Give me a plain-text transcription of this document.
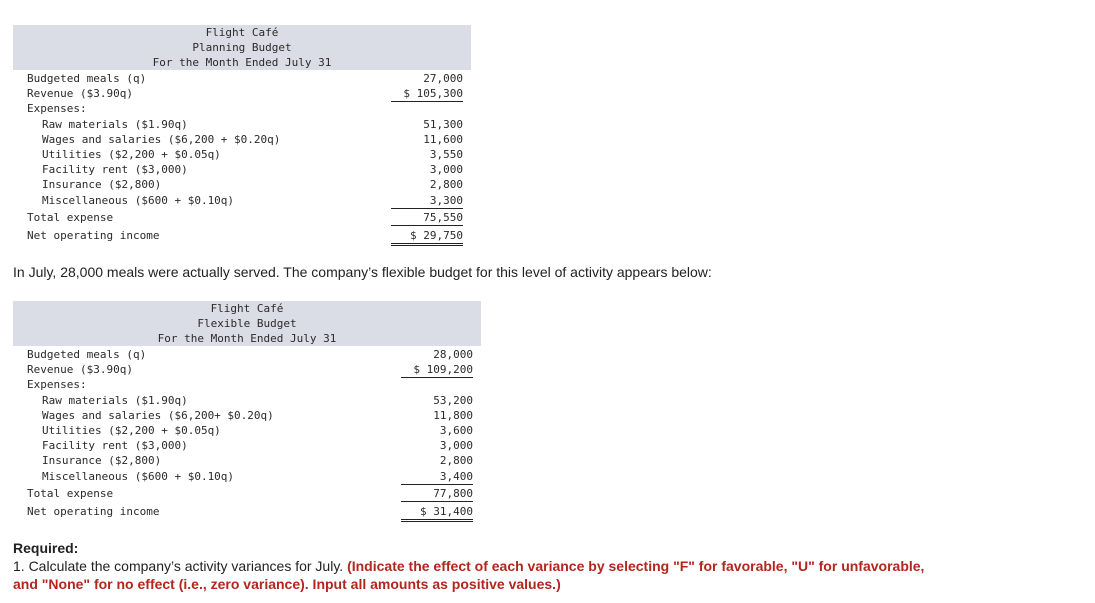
Flight Café
Planning Budget
For the Month Ended July 31
Budgeted meals (q)	27,000
Revenue ($3.90q)	$ 105,300
Expenses:
Raw materials ($1.90q)	51,300
Wages and salaries ($6,200 + $0.20q)	11,600
Utilities ($2,200 + $0.05q)	3,550
Facility rent ($3,000)	3,000
Insurance ($2,800)	2,800
Miscellaneous ($600 + $0.10q)	3,300
Total expense	75,550
Net operating income	$ 29,750
In July, 28,000 meals were actually served. The company’s flexible budget for this level of activity appears below:
Flight Café
Flexible Budget
For the Month Ended July 31
Budgeted meals (q)	28,000
Revenue ($3.90q)	$ 109,200
Expenses:
Raw materials ($1.90q)	53,200
Wages and salaries ($6,200+ $0.20q)	11,800
Utilities ($2,200 + $0.05q)	3,600
Facility rent ($3,000)	3,000
Insurance ($2,800)	2,800
Miscellaneous ($600 + $0.10q)	3,400
Total expense	77,800
Net operating income	$ 31,400
Required:
1. Calculate the company’s activity variances for July. (Indicate the effect of each variance by selecting "F" for favorable, "U" for unfavorable, and "None" for no effect (i.e., zero variance). Input all amounts as positive values.)
